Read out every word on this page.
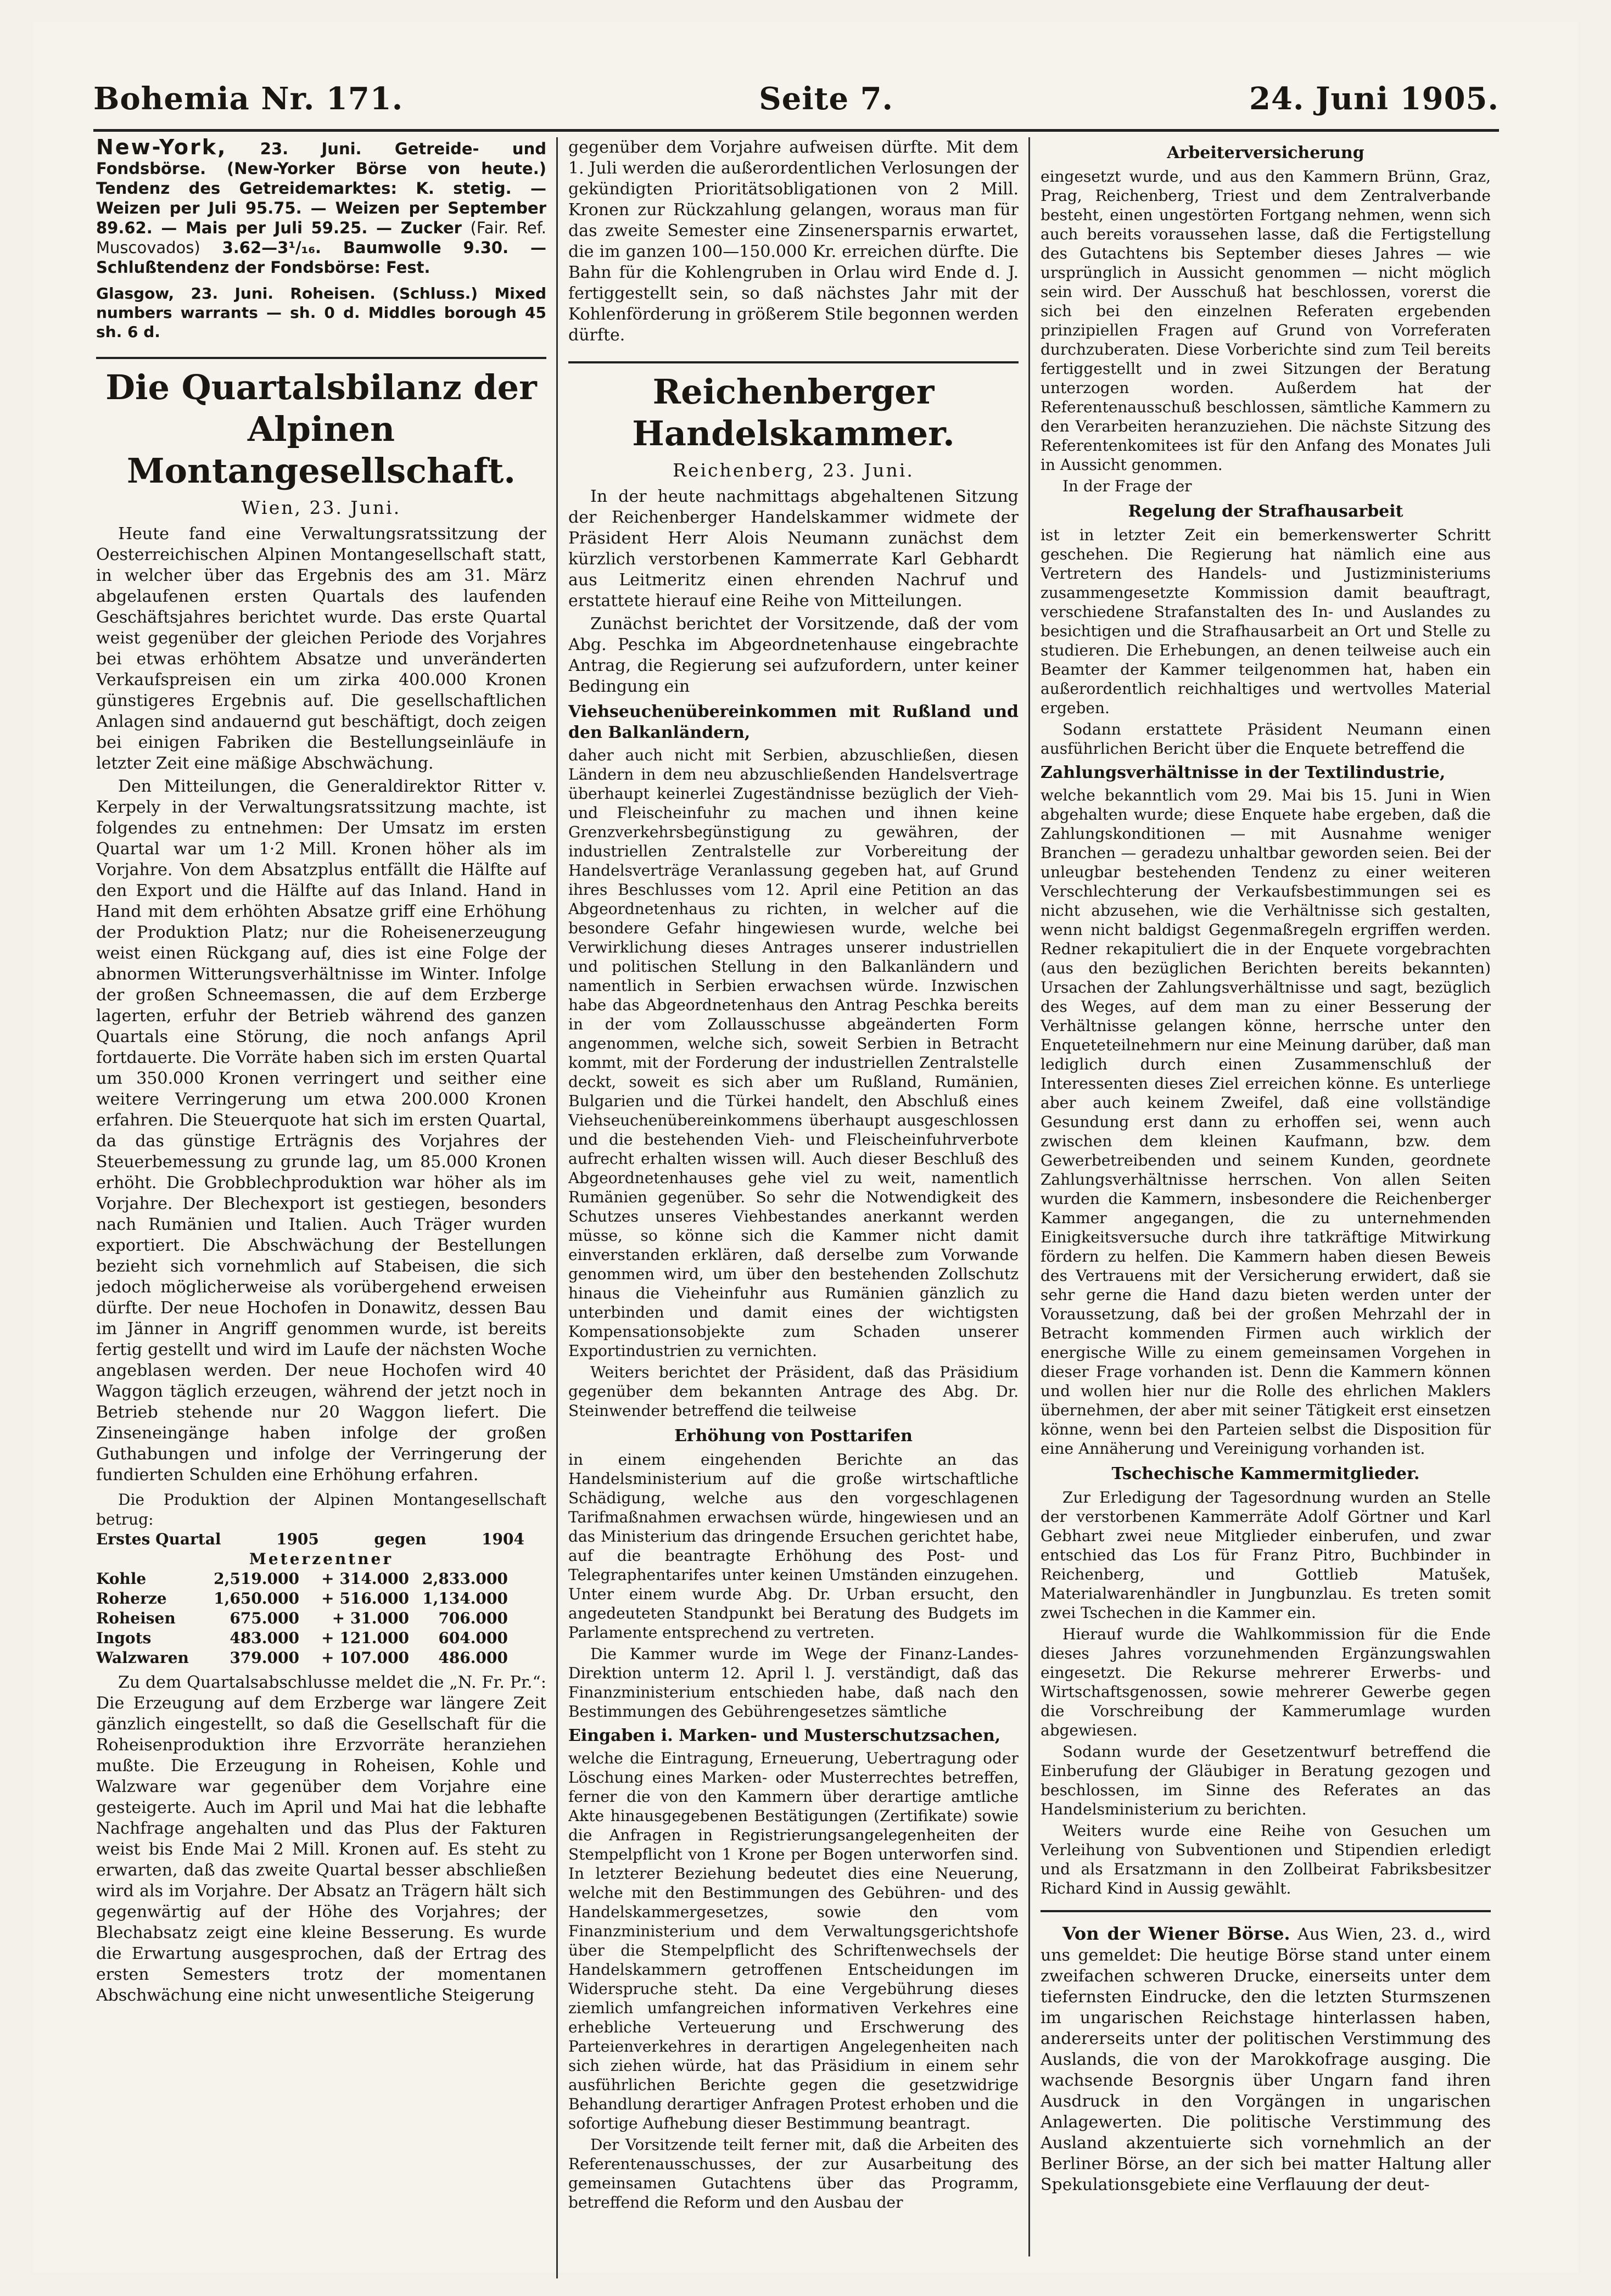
Bohemia Nr. 171.	Seite 7.	24. Juni 1905.
New-York, 23. Juni. Getreide- und Fondsbörse. (New-Yorker Börse von heute.) Tendenz des Getreidemarktes: K. stetig. — Weizen per Juli 95.75. — Weizen per September 89.62. — Mais per Juli 59.25. — Zucker (Fair. Ref. Muscovados) 3.62—3¹/₁₆. Baumwolle 9.30. — Schlußtendenz der Fondsbörse: Fest.
Glasgow, 23. Juni. Roheisen. (Schluss.) Mixed numbers warrants — sh. 0 d. Middles borough 45 sh. 6 d.
Die Quartalsbilanz der Alpinen Montangesellschaft.
Wien, 23. Juni.

Heute fand eine Verwaltungsratssitzung der Oesterreichischen Alpinen Montangesellschaft statt, in welcher über das Ergebnis des am 31. März abgelaufenen ersten Quartals des laufenden Geschäftsjahres berichtet wurde. Das erste Quartal weist gegenüber der gleichen Periode des Vorjahres bei etwas erhöhtem Absatze und unveränderten Verkaufspreisen ein um zirka 400.000 Kronen günstigeres Ergebnis auf. Die gesellschaftlichen Anlagen sind andauernd gut beschäftigt, doch zeigen bei einigen Fabriken die Bestellungseinläufe in letzter Zeit eine mäßige Abschwächung.

Den Mitteilungen, die Generaldirektor Ritter v. Kerpely in der Verwaltungsratssitzung machte, ist folgendes zu entnehmen: Der Umsatz im ersten Quartal war um 1·2 Mill. Kronen höher als im Vorjahre. Von dem Absatzplus entfällt die Hälfte auf den Export und die Hälfte auf das Inland. Hand in Hand mit dem erhöhten Absatze griff eine Erhöhung der Produktion Platz; nur die Roheisenerzeugung weist einen Rückgang auf, dies ist eine Folge der abnormen Witterungsverhältnisse im Winter. Infolge der großen Schneemassen, die auf dem Erzberge lagerten, erfuhr der Betrieb während des ganzen Quartals eine Störung, die noch anfangs April fortdauerte. Die Vorräte haben sich im ersten Quartal um 350.000 Kronen verringert und seither eine weitere Verringerung um etwa 200.000 Kronen erfahren. Die Steuerquote hat sich im ersten Quartal, da das günstige Erträgnis des Vorjahres der Steuerbemessung zu grunde lag, um 85.000 Kronen erhöht. Die Grobblechproduktion war höher als im Vorjahre. Der Blechexport ist gestiegen, besonders nach Rumänien und Italien. Auch Träger wurden exportiert. Die Abschwächung der Bestellungen bezieht sich vornehmlich auf Stabeisen, die sich jedoch möglicherweise als vorübergehend erweisen dürfte. Der neue Hochofen in Donawitz, dessen Bau im Jänner in Angriff genommen wurde, ist bereits fertig gestellt und wird im Laufe der nächsten Woche angeblasen werden. Der neue Hochofen wird 40 Waggon täglich erzeugen, während der jetzt noch in Betrieb stehende nur 20 Waggon liefert. Die Zinseneingänge haben infolge der großen Guthabungen und infolge der Verringerung der fundierten Schulden eine Erhöhung erfahren.

Die Produktion der Alpinen Montangesellschaft betrug:

Erstes Quartal	1905	gegen	1904
Meterzentner
Kohle	2,519.000	+ 314.000 2,833.000
Roherze	1,650.000	+ 516.000 1,134.000
Roheisen	675.000	+ 31.000	706.000
Ingots	483.000	+ 121.000	604.000
Walzwaren	379.000	+ 107.000	486.000

Zu dem Quartalsabschlusse meldet die „N. Fr. Pr.“: Die Erzeugung auf dem Erzberge war längere Zeit gänzlich eingestellt, so daß die Gesellschaft für die Roheisenproduktion ihre Erzvorräte heranziehen mußte. Die Erzeugung in Roheisen, Kohle und Walzware war gegenüber dem Vorjahre eine gesteigerte. Auch im April und Mai hat die lebhafte Nachfrage angehalten und das Plus der Fakturen weist bis Ende Mai 2 Mill. Kronen auf. Es steht zu erwarten, daß das zweite Quartal besser abschließen wird als im Vorjahre. Der Absatz an Trägern hält sich gegenwärtig auf der Höhe des Vorjahres; der Blechabsatz zeigt eine kleine Besserung. Es wurde die Erwartung ausgesprochen, daß der Ertrag des ersten Semesters trotz der momentanen Abschwächung eine nicht unwesentliche Steigerung

gegenüber dem Vorjahre aufweisen dürfte. Mit dem 1. Juli werden die außerordentlichen Verlosungen der gekündigten Prioritätsobligationen von 2 Mill. Kronen zur Rückzahlung gelangen, woraus man für das zweite Semester eine Zinsenersparnis erwartet, die im ganzen 100—150.000 Kr. erreichen dürfte. Die Bahn für die Kohlengruben in Orlau wird Ende d. J. fertiggestellt sein, so daß nächstes Jahr mit der Kohlenförderung in größerem Stile begonnen werden dürfte.

Reichenberger Handelskammer.
Reichenberg, 23. Juni.

In der heute nachmittags abgehaltenen Sitzung der Reichenberger Handelskammer widmete der Präsident Herr Alois Neumann zunächst dem kürzlich verstorbenen Kammerrate Karl Gebhardt aus Leitmeritz einen ehrenden Nachruf und erstattete hierauf eine Reihe von Mitteilungen.

Zunächst berichtet der Vorsitzende, daß der vom Abg. Peschka im Abgeordnetenhause eingebrachte Antrag, die Regierung sei aufzufordern, unter keiner Bedingung ein

Viehseuchenübereinkommen mit Rußland und den Balkanländern,

daher auch nicht mit Serbien, abzuschließen, diesen Ländern in dem neu abzuschließenden Handelsvertrage überhaupt keinerlei Zugeständnisse bezüglich der Vieh- und Fleischeinfuhr zu machen und ihnen keine Grenzverkehrsbegünstigung zu gewähren, der industriellen Zentralstelle zur Vorbereitung der Handelsverträge Veranlassung gegeben hat, auf Grund ihres Beschlusses vom 12. April eine Petition an das Abgeordnetenhaus zu richten, in welcher auf die besondere Gefahr hingewiesen wurde, welche bei Verwirklichung dieses Antrages unserer industriellen und politischen Stellung in den Balkanländern und namentlich in Serbien erwachsen würde. Inzwischen habe das Abgeordnetenhaus den Antrag Peschka bereits in der vom Zollausschusse abgeänderten Form angenommen, welche sich, soweit Serbien in Betracht kommt, mit der Forderung der industriellen Zentralstelle deckt, soweit es sich aber um Rußland, Rumänien, Bulgarien und die Türkei handelt, den Abschluß eines Viehseuchenübereinkommens überhaupt ausgeschlossen und die bestehenden Vieh- und Fleischeinfuhrverbote aufrecht erhalten wissen will. Auch dieser Beschluß des Abgeordnetenhauses gehe viel zu weit, namentlich Rumänien gegenüber. So sehr die Notwendigkeit des Schutzes unseres Viehbestandes anerkannt werden müsse, so könne sich die Kammer nicht damit einverstanden erklären, daß derselbe zum Vorwande genommen wird, um über den bestehenden Zollschutz hinaus die Vieheinfuhr aus Rumänien gänzlich zu unterbinden und damit eines der wichtigsten Kompensationsobjekte zum Schaden unserer Exportindustrien zu vernichten.

Weiters berichtet der Präsident, daß das Präsidium gegenüber dem bekannten Antrage des Abg. Dr. Steinwender betreffend die teilweise

Erhöhung von Posttarifen

in einem eingehenden Berichte an das Handelsministerium auf die große wirtschaftliche Schädigung, welche aus den vorgeschlagenen Tarifmaßnahmen erwachsen würde, hingewiesen und an das Ministerium das dringende Ersuchen gerichtet habe, auf die beantragte Erhöhung des Post- und Telegraphentarifes unter keinen Umständen einzugehen. Unter einem wurde Abg. Dr. Urban ersucht, den angedeuteten Standpunkt bei Beratung des Budgets im Parlamente entsprechend zu vertreten.

Die Kammer wurde im Wege der Finanz-Landes-Direktion unterm 12. April l. J. verständigt, daß das Finanzministerium entschieden habe, daß nach den Bestimmungen des Gebührengesetzes sämtliche

Eingaben i. Marken- und Musterschutzsachen,

welche die Eintragung, Erneuerung, Uebertragung oder Löschung eines Marken- oder Musterrechtes betreffen, ferner die von den Kammern über derartige amtliche Akte hinausgegebenen Bestätigungen (Zertifikate) sowie die Anfragen in Registrierungsangelegenheiten der Stempelpflicht von 1 Krone per Bogen unterworfen sind. In letzterer Beziehung bedeutet dies eine Neuerung, welche mit den Bestimmungen des Gebühren- und des Handelskammergesetzes, sowie den vom Finanzministerium und dem Verwaltungsgerichtshofe über die Stempelpflicht des Schriftenwechsels der Handelskammern getroffenen Entscheidungen im Widerspruche steht. Da eine Vergebührung dieses ziemlich umfangreichen informativen Verkehres eine erhebliche Verteuerung und Erschwerung des Parteienverkehres in derartigen Angelegenheiten nach sich ziehen würde, hat das Präsidium in einem sehr ausführlichen Berichte gegen die gesetzwidrige Behandlung derartiger Anfragen Protest erhoben und die sofortige Aufhebung dieser Bestimmung beantragt.

Der Vorsitzende teilt ferner mit, daß die Arbeiten des Referentenausschusses, der zur Ausarbeitung des gemeinsamen Gutachtens über das Programm, betreffend die Reform und den Ausbau der

Arbeiterversicherung

eingesetzt wurde, und aus den Kammern Brünn, Graz, Prag, Reichenberg, Triest und dem Zentralverbande besteht, einen ungestörten Fortgang nehmen, wenn sich auch bereits voraussehen lasse, daß die Fertigstellung des Gutachtens bis September dieses Jahres — wie ursprünglich in Aussicht genommen — nicht möglich sein wird. Der Ausschuß hat beschlossen, vorerst die sich bei den einzelnen Referaten ergebenden prinzipiellen Fragen auf Grund von Vorreferaten durchzuberaten. Diese Vorberichte sind zum Teil bereits fertiggestellt und in zwei Sitzungen der Beratung unterzogen worden. Außerdem hat der Referentenausschuß beschlossen, sämtliche Kammern zu den Verarbeiten heranzuziehen. Die nächste Sitzung des Referentenkomitees ist für den Anfang des Monates Juli in Aussicht genommen.

In der Frage der

Regelung der Strafhausarbeit

ist in letzter Zeit ein bemerkenswerter Schritt geschehen. Die Regierung hat nämlich eine aus Vertretern des Handels- und Justizministeriums zusammengesetzte Kommission damit beauftragt, verschiedene Strafanstalten des In- und Auslandes zu besichtigen und die Strafhausarbeit an Ort und Stelle zu studieren. Die Erhebungen, an denen teilweise auch ein Beamter der Kammer teilgenommen hat, haben ein außerordentlich reichhaltiges und wertvolles Material ergeben.

Sodann erstattete Präsident Neumann einen ausführlichen Bericht über die Enquete betreffend die

Zahlungsverhältnisse in der Textilindustrie,

welche bekanntlich vom 29. Mai bis 15. Juni in Wien abgehalten wurde; diese Enquete habe ergeben, daß die Zahlungskonditionen — mit Ausnahme weniger Branchen — geradezu unhaltbar geworden seien. Bei der unleugbar bestehenden Tendenz zu einer weiteren Verschlechterung der Verkaufsbestimmungen sei es nicht abzusehen, wie die Verhältnisse sich gestalten, wenn nicht baldigst Gegenmaßregeln ergriffen werden. Redner rekapituliert die in der Enquete vorgebrachten (aus den bezüglichen Berichten bereits bekannten) Ursachen der Zahlungsverhältnisse und sagt, bezüglich des Weges, auf dem man zu einer Besserung der Verhältnisse gelangen könne, herrsche unter den Enqueteteilnehmern nur eine Meinung darüber, daß man lediglich durch einen Zusammenschluß der Interessenten dieses Ziel erreichen könne. Es unterliege aber auch keinem Zweifel, daß eine vollständige Gesundung erst dann zu erhoffen sei, wenn auch zwischen dem kleinen Kaufmann, bzw. dem Gewerbetreibenden und seinem Kunden, geordnete Zahlungsverhältnisse herrschen. Von allen Seiten wurden die Kammern, insbesondere die Reichenberger Kammer angegangen, die zu unternehmenden Einigkeitsversuche durch ihre tatkräftige Mitwirkung fördern zu helfen. Die Kammern haben diesen Beweis des Vertrauens mit der Versicherung erwidert, daß sie sehr gerne die Hand dazu bieten werden unter der Voraussetzung, daß bei der großen Mehrzahl der in Betracht kommenden Firmen auch wirklich der energische Wille zu einem gemeinsamen Vorgehen in dieser Frage vorhanden ist. Denn die Kammern können und wollen hier nur die Rolle des ehrlichen Maklers übernehmen, der aber mit seiner Tätigkeit erst einsetzen könne, wenn bei den Parteien selbst die Disposition für eine Annäherung und Vereinigung vorhanden ist.

Tschechische Kammermitglieder.

Zur Erledigung der Tagesordnung wurden an Stelle der verstorbenen Kammerräte Adolf Görtner und Karl Gebhart zwei neue Mitglieder einberufen, und zwar entschied das Los für Franz Pitro, Buchbinder in Reichenberg, und Gottlieb Matušek, Materialwarenhändler in Jungbunzlau. Es treten somit zwei Tschechen in die Kammer ein.

Hierauf wurde die Wahlkommission für die Ende dieses Jahres vorzunehmenden Ergänzungswahlen eingesetzt. Die Rekurse mehrerer Erwerbs- und Wirtschaftsgenossen, sowie mehrerer Gewerbe gegen die Vorschreibung der Kammerumlage wurden abgewiesen.

Sodann wurde der Gesetzentwurf betreffend die Einberufung der Gläubiger in Beratung gezogen und beschlossen, im Sinne des Referates an das Handelsministerium zu berichten.

Weiters wurde eine Reihe von Gesuchen um Verleihung von Subventionen und Stipendien erledigt und als Ersatzmann in den Zollbeirat Fabriksbesitzer Richard Kind in Aussig gewählt.

Von der Wiener Börse. Aus Wien, 23. d., wird uns gemeldet: Die heutige Börse stand unter einem zweifachen schweren Drucke, einerseits unter dem tiefernsten Eindrucke, den die letzten Sturmszenen im ungarischen Reichstage hinterlassen haben, andererseits unter der politischen Verstimmung des Auslands, die von der Marokkofrage ausging. Die wachsende Besorgnis über Ungarn fand ihren Ausdruck in den Vorgängen in ungarischen Anlagewerten. Die politische Verstimmung des Ausland akzentuierte sich vornehmlich an der Berliner Börse, an der sich bei matter Haltung aller Spekulationsgebiete eine Verflauung der deut-
